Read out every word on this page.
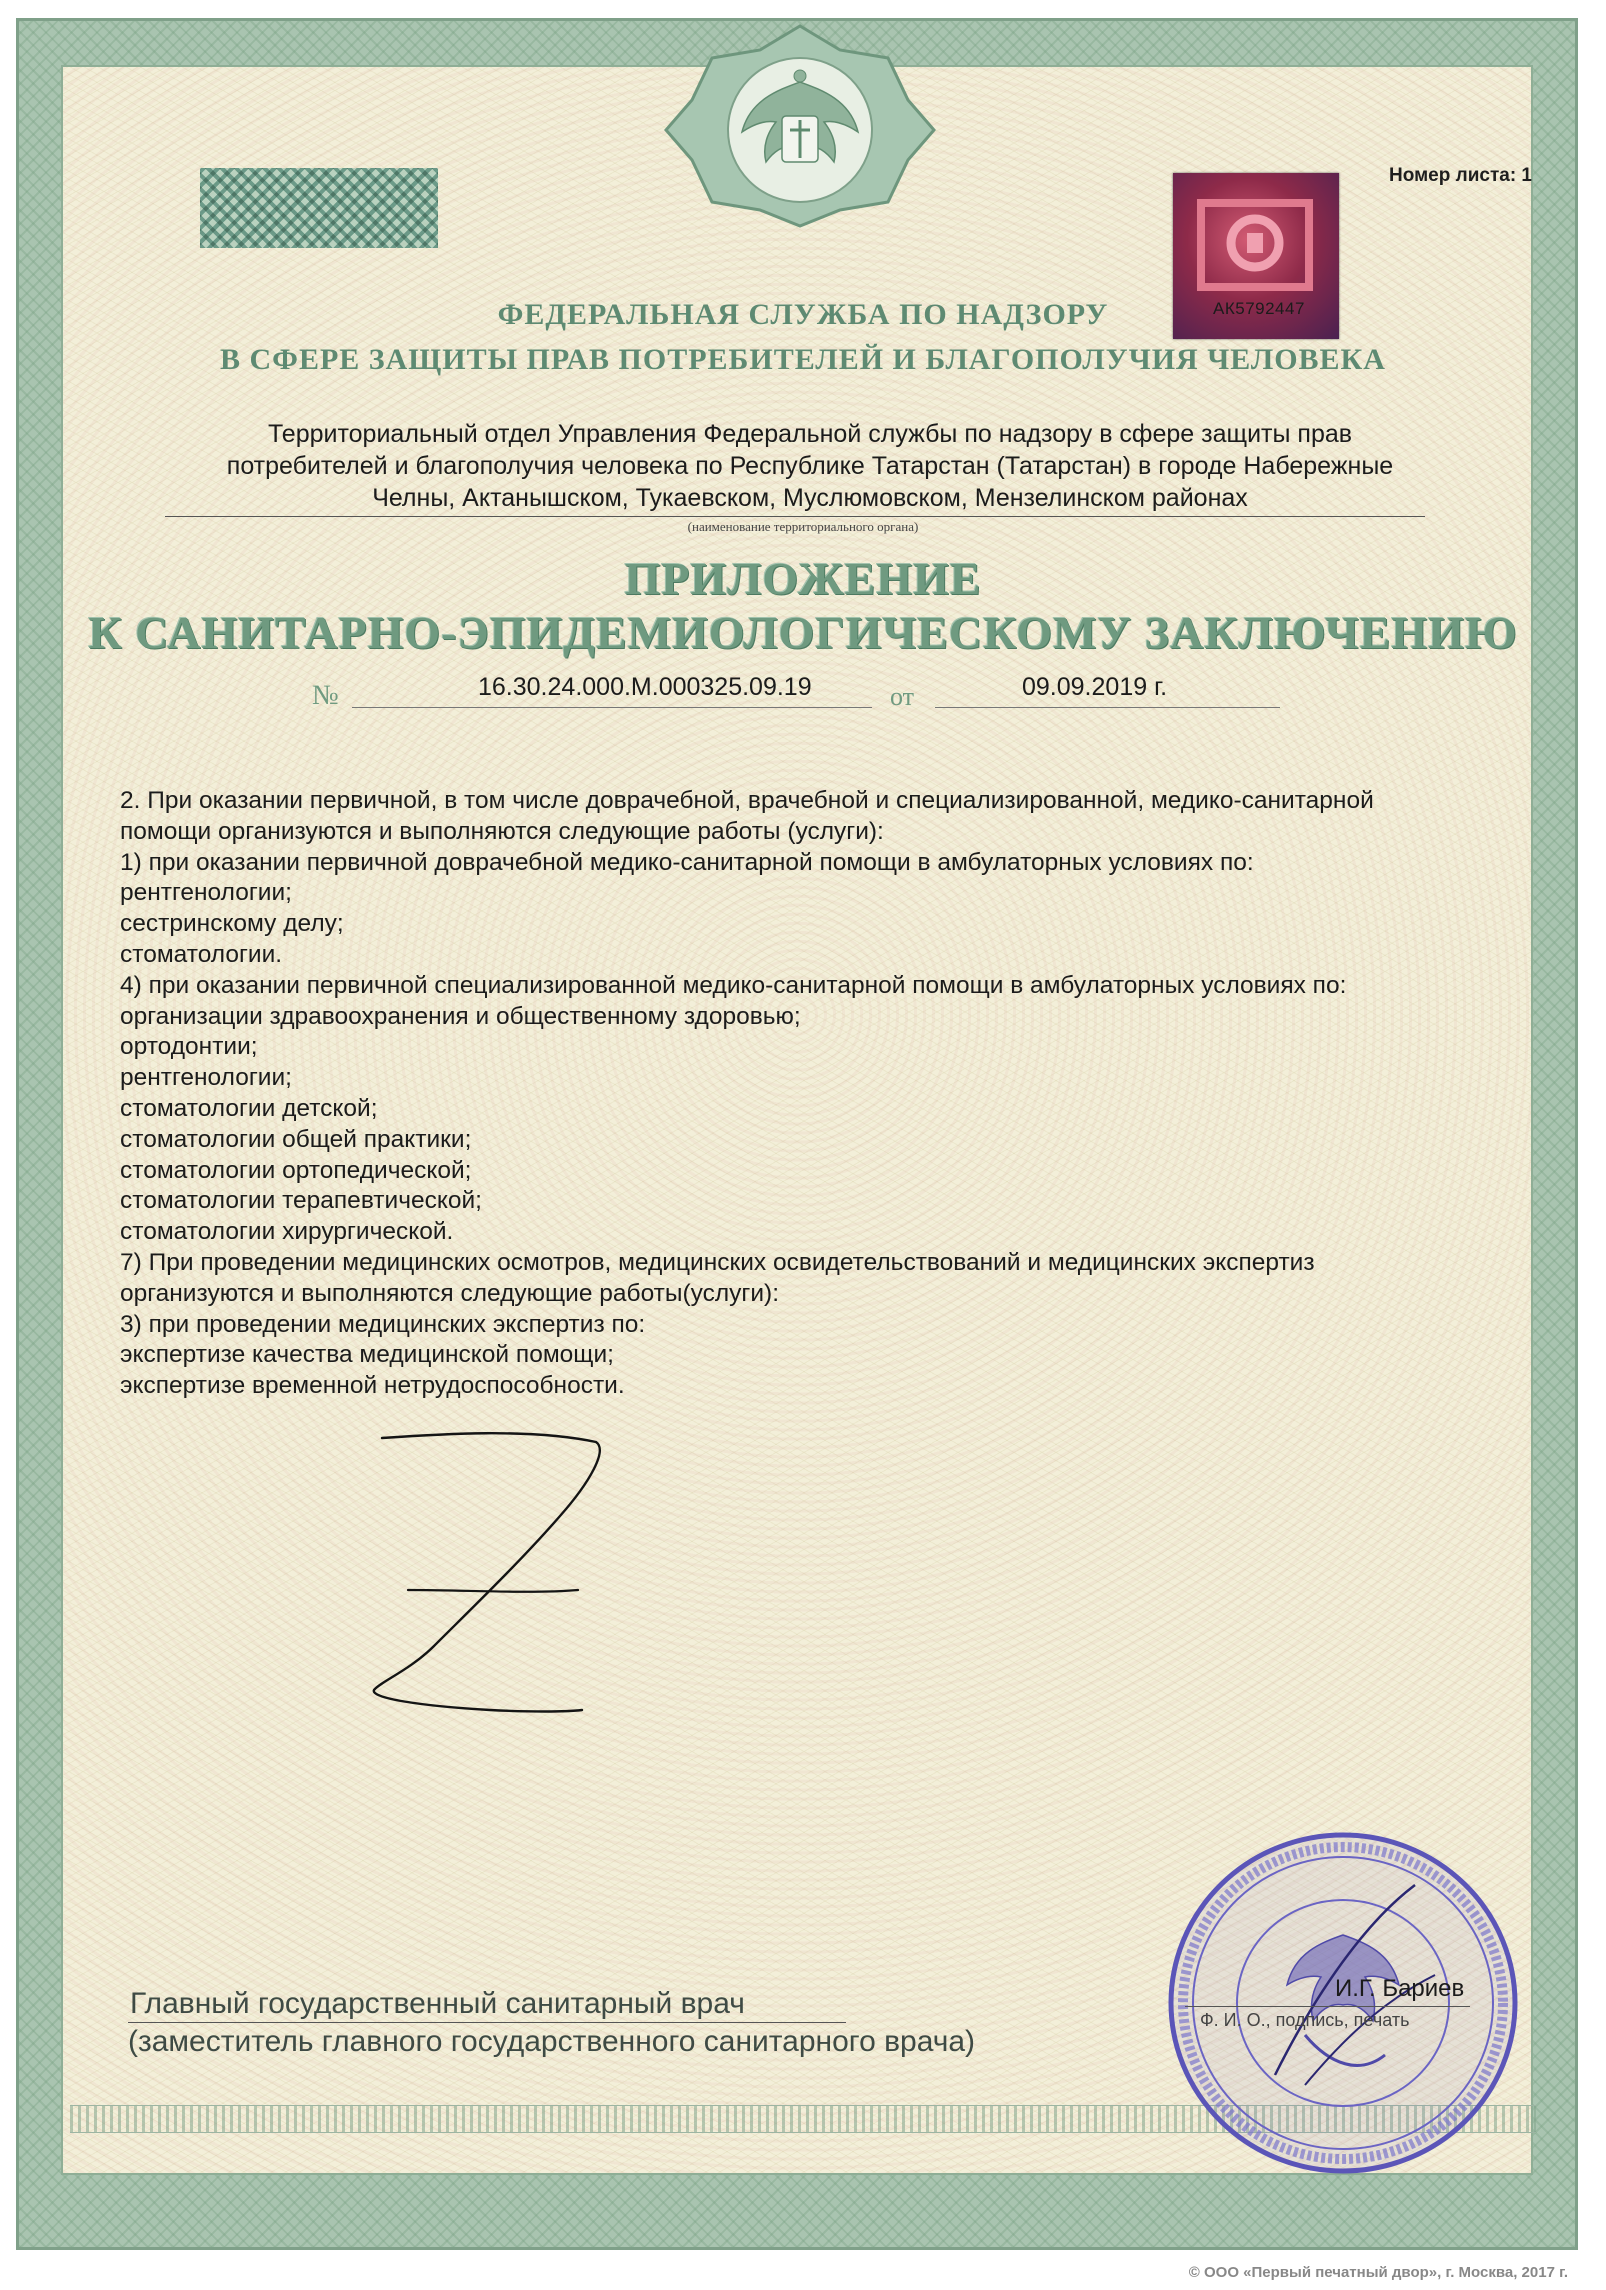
АК5792447
Номер листа: 1
ФЕДЕРАЛЬНАЯ СЛУЖБА ПО НАДЗОРУ
В СФЕРЕ ЗАЩИТЫ ПРАВ ПОТРЕБИТЕЛЕЙ И БЛАГОПОЛУЧИЯ ЧЕЛОВЕКА
Территориальный отдел Управления Федеральной службы по надзору в сфере защиты прав
потребителей и благополучия человека по Республике Татарстан (Татарстан) в городе Набережные
Челны, Актанышском, Тукаевском, Муслюмовском, Мензелинском районах
(наименование территориального органа)
ПРИЛОЖЕНИЕ
К САНИТАРНО-ЭПИДЕМИОЛОГИЧЕСКОМУ ЗАКЛЮЧЕНИЮ
№	16.30.24.000.М.000325.09.19	от	09.09.2019 г.
2. При оказании первичной, в том числе доврачебной, врачебной и специализированной, медико-санитарной
помощи организуются и выполняются следующие работы (услуги):
1) при оказании первичной доврачебной медико-санитарной помощи в амбулаторных условиях по:
рентгенологии;
сестринскому делу;
стоматологии.
4) при оказании первичной специализированной медико-санитарной помощи в амбулаторных условиях по:
организации здравоохранения и общественному здоровью;
ортодонтии;
рентгенологии;
стоматологии детской;
стоматологии общей практики;
стоматологии ортопедической;
стоматологии терапевтической;
стоматологии хирургической.
7) При проведении медицинских осмотров, медицинских освидетельствований и медицинских экспертиз
организуются и выполняются следующие работы(услуги):
3) при проведении медицинских экспертиз по:
экспертизе качества медицинской помощи;
экспертизе временной нетрудоспособности.
Главный государственный санитарный врач
(заместитель главного государственного санитарного врача)
И.Г. Бариев
Ф. И. О., подпись, печать
© ООО «Первый печатный двор», г. Москва, 2017 г.
